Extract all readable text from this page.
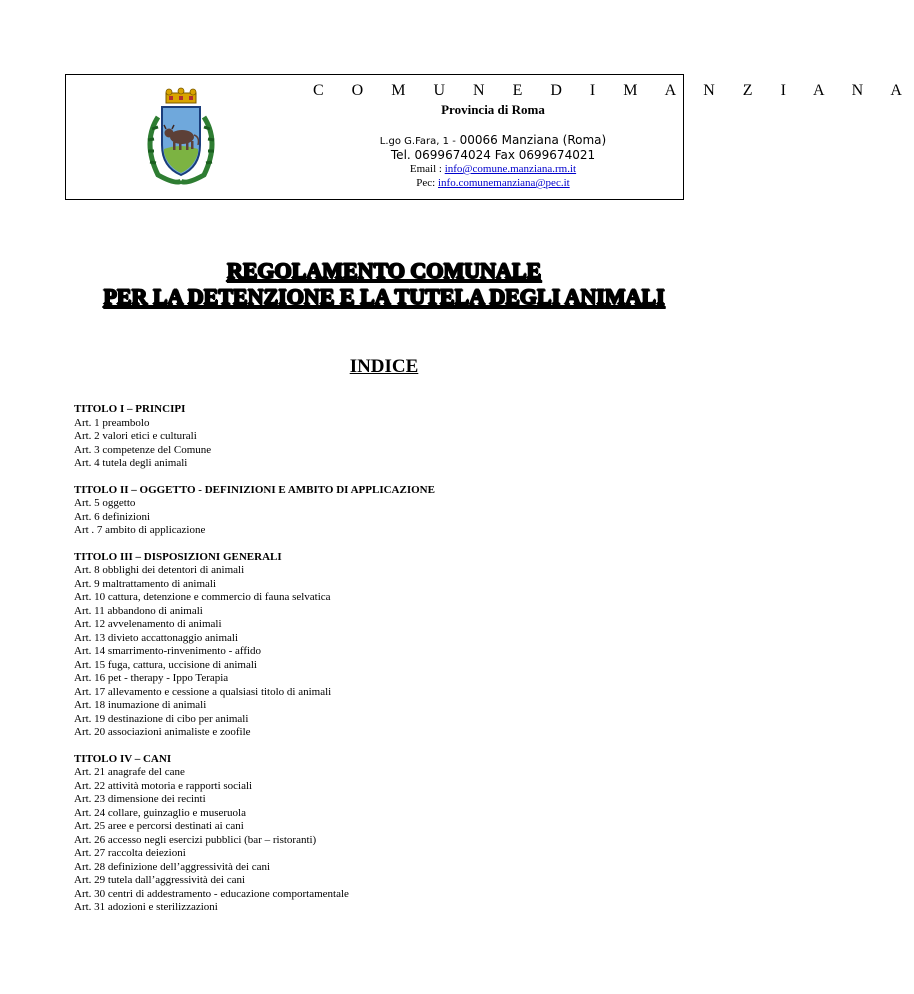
C O M U N E D I M A N Z I A N A
Provincia di Roma
L.go G.Fara, 1 - 00066 Manziana (Roma)
Tel. 0699674024 Fax 0699674021
Email : info@comune.manziana.rm.it
Pec: info.comunemanziana@pec.it
REGOLAMENTO COMUNALE
PER LA DETENZIONE E LA TUTELA DEGLI ANIMALI
INDICE
TITOLO I – PRINCIPI
Art. 1 preambolo
Art. 2 valori etici e culturali
Art. 3 competenze del Comune
Art. 4 tutela degli animali
TITOLO II – OGGETTO - DEFINIZIONI E AMBITO DI APPLICAZIONE
Art. 5 oggetto
Art. 6 definizioni
Art . 7 ambito di applicazione
TITOLO III – DISPOSIZIONI GENERALI
Art. 8 obblighi dei detentori di animali
Art. 9 maltrattamento di animali
Art. 10 cattura, detenzione e commercio di fauna selvatica
Art. 11 abbandono di animali
Art. 12 avvelenamento di animali
Art. 13 divieto accattonaggio animali
Art. 14 smarrimento-rinvenimento - affido
Art. 15 fuga, cattura, uccisione di animali
Art. 16 pet - therapy - Ippo Terapia
Art. 17 allevamento e cessione a qualsiasi titolo di animali
Art. 18 inumazione di animali
Art. 19 destinazione di cibo per animali
Art. 20 associazioni animaliste e zoofile
TITOLO IV – CANI
Art. 21 anagrafe del cane
Art. 22 attività motoria e rapporti sociali
Art. 23 dimensione dei recinti
Art. 24 collare, guinzaglio e museruola
Art. 25 aree e percorsi destinati ai cani
Art. 26 accesso negli esercizi pubblici (bar – ristoranti)
Art. 27 raccolta deiezioni
Art. 28 definizione dell’aggressività dei cani
Art. 29 tutela dall’aggressività dei cani
Art. 30 centri di addestramento - educazione comportamentale
Art. 31 adozioni e sterilizzazioni
